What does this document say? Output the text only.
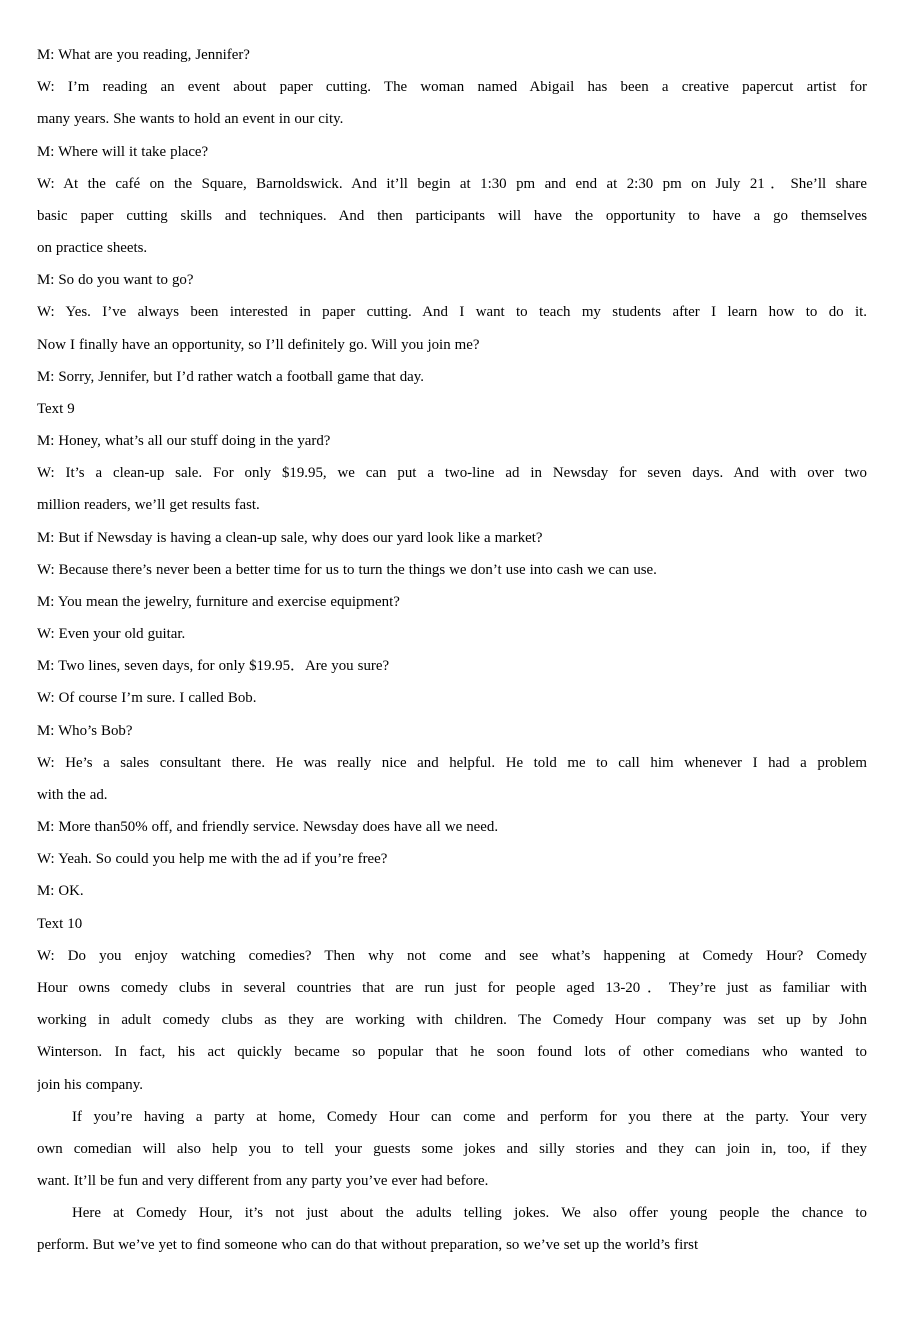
M: What are you reading, Jennifer?
W: I’m reading an event about paper cutting. The woman named Abigail has been a creative papercut artist for
many years. She wants to hold an event in our city.
M: Where will it take place?
W: At the café on the Square, Barnoldswick. And it’ll begin at 1:30 pm and end at 2:30 pm on July 21．She’ll share
basic paper cutting skills and techniques. And then participants will have the opportunity to have a go themselves
on practice sheets.
M: So do you want to go?
W: Yes. I’ve always been interested in paper cutting. And I want to teach my students after I learn how to do it.
Now I finally have an opportunity, so I’ll definitely go. Will you join me?
M: Sorry, Jennifer, but I’d rather watch a football game that day.
Text 9
M: Honey, what’s all our stuff doing in the yard?
W: It’s a clean-up sale. For only $19.95, we can put a two-line ad in Newsday for seven days. And with over two
million readers, we’ll get results fast.
M: But if Newsday is having a clean-up sale, why does our yard look like a market?
W: Because there’s never been a better time for us to turn the things we don’t use into cash we can use.
M: You mean the jewelry, furniture and exercise equipment?
W: Even your old guitar.
M: Two lines, seven days, for only $19.95．Are you sure?
W: Of course I’m sure. I called Bob.
M: Who’s Bob?
W: He’s a sales consultant there. He was really nice and helpful. He told me to call him whenever I had a problem
with the ad.
M: More than50% off, and friendly service. Newsday does have all we need.
W: Yeah. So could you help me with the ad if you’re free?
M: OK.
Text 10
W: Do you enjoy watching comedies? Then why not come and see what’s happening at Comedy Hour? Comedy
Hour owns comedy clubs in several countries that are run just for people aged 13-20．They’re just as familiar with
working in adult comedy clubs as they are working with children. The Comedy Hour company was set up by John
Winterson. In fact, his act quickly became so popular that he soon found lots of other comedians who wanted to
join his company.
If you’re having a party at home, Comedy Hour can come and perform for you there at the party. Your very
own comedian will also help you to tell your guests some jokes and silly stories and they can join in, too, if they
want. It’ll be fun and very different from any party you’ve ever had before.
Here at Comedy Hour, it’s not just about the adults telling jokes. We also offer young people the chance to
perform. But we’ve yet to find someone who can do that without preparation, so we’ve set up the world’s first
